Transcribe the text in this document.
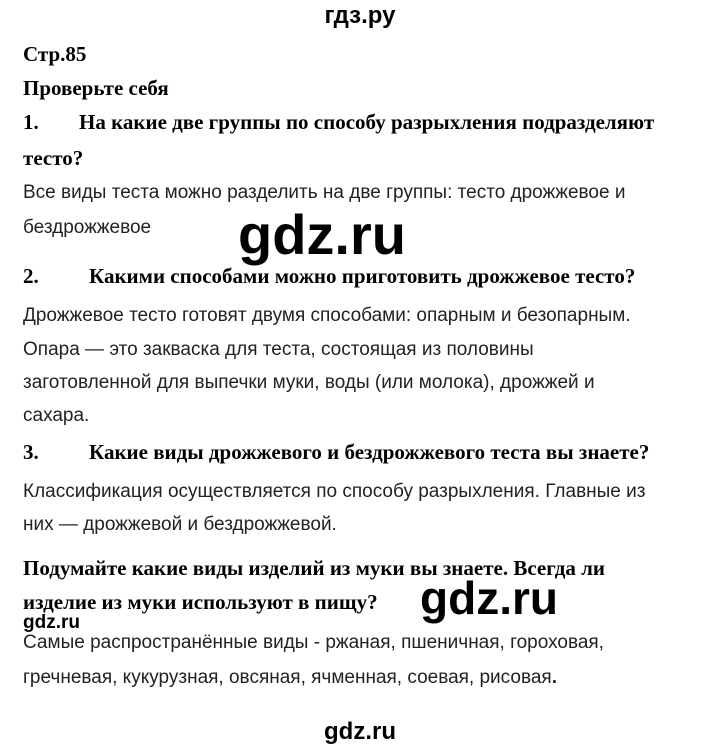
гдз.ру
Стр.85
Проверьте себя
1. На какие две группы по способу разрыхления подразделяют
тесто?
Все виды теста можно разделить на две группы: тесто дрожжевое и
бездрожжевое gdz.ru
2. Какими способами можно приготовить дрожжевое тесто?
Дрожжевое тесто готовят двумя способами: опарным и безопарным.
Опара — это закваска для теста, состоящая из половины
заготовленной для выпечки муки, воды (или молока), дрожжей и
сахара.
3. Какие виды дрожжевого и бездрожжевого теста вы знаете?
Классификация осуществляется по способу разрыхления. Главные из
них — дрожжевой и бездрожжевой.
Подумайте какие виды изделий из муки вы знаете. Всегда ли
изделие из муки используют в пищу? gdz.ru
gdz.ru
Самые распространённые виды - ржаная, пшеничная, гороховая,
гречневая, кукурузная, овсяная, ячменная, соевая, рисовая.
gdz.ru
